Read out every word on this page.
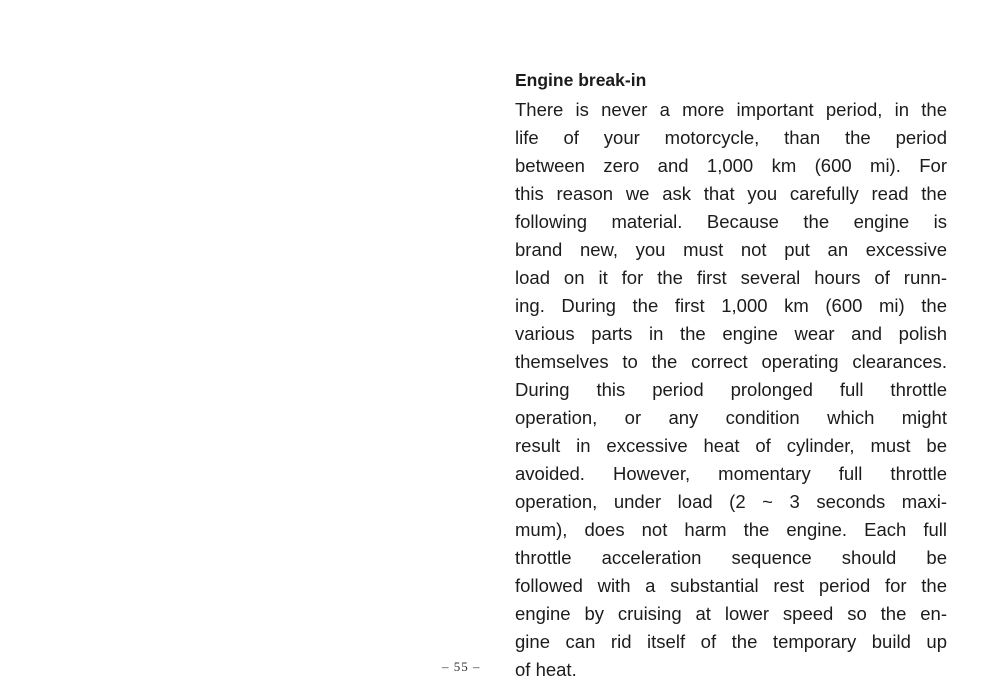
Engine break-in
There is never a more important period, in the
life of your motorcycle, than the period
between zero and 1,000 km (600 mi). For
this reason we ask that you carefully read the
following material. Because the engine is
brand new, you must not put an excessive
load on it for the first several hours of runn-
ing. During the first 1,000 km (600 mi) the
various parts in the engine wear and polish
themselves to the correct operating clearances.
During this period prolonged full throttle
operation, or any condition which might
result in excessive heat of cylinder, must be
avoided. However, momentary full throttle
operation, under load (2 ~ 3 seconds maxi-
mum), does not harm the engine. Each full
throttle acceleration sequence should be
followed with a substantial rest period for the
engine by cruising at lower speed so the en-
gine can rid itself of the temporary build up
of heat.
– 55 –
